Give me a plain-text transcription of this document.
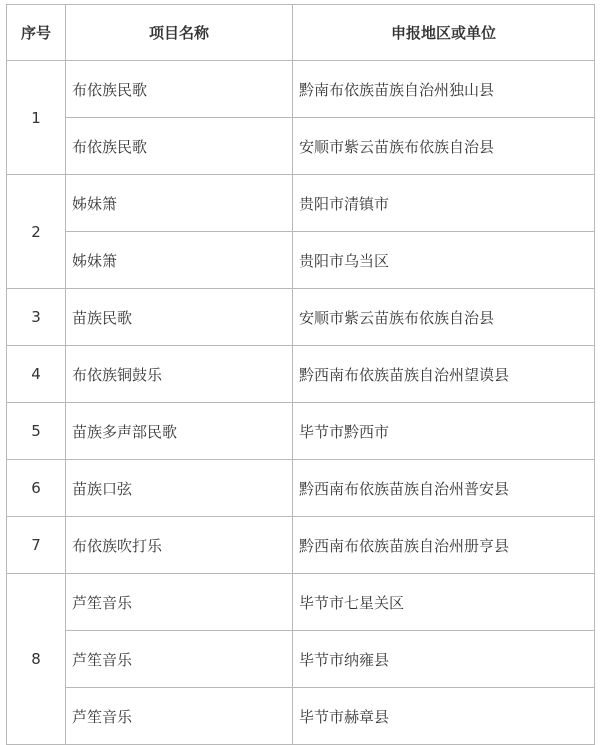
序号	项目名称	申报地区或单位
1	布依族民歌	黔南布依族苗族自治州独山县
	布依族民歌	安顺市紫云苗族布依族自治县
2	姊妹箫	贵阳市清镇市
	姊妹箫	贵阳市乌当区
3	苗族民歌	安顺市紫云苗族布依族自治县
4	布依族铜鼓乐	黔西南布依族苗族自治州望谟县
5	苗族多声部民歌	毕节市黔西市
6	苗族口弦	黔西南布依族苗族自治州普安县
7	布依族吹打乐	黔西南布依族苗族自治州册亨县
8	芦笙音乐	毕节市七星关区
	芦笙音乐	毕节市纳雍县
	芦笙音乐	毕节市赫章县
